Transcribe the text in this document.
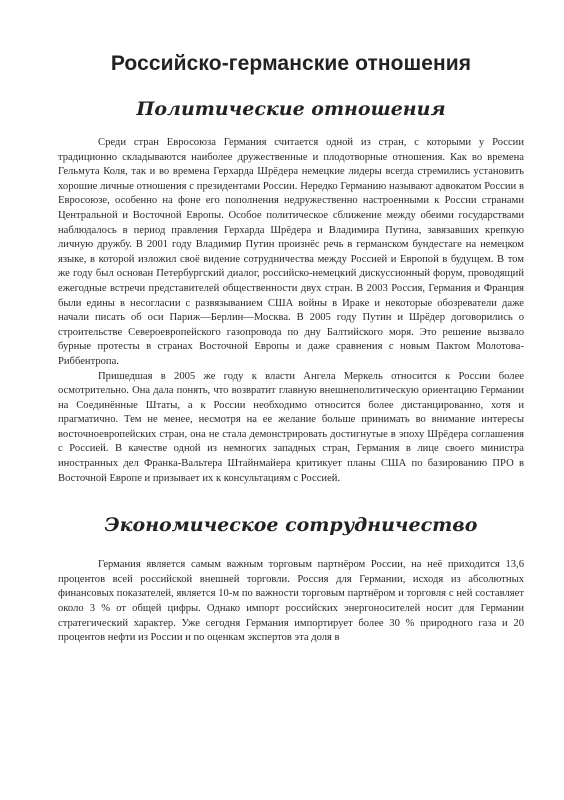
Российско-германские отношения
Политические отношения

Среди стран Евросоюза Германия считается одной из стран, с которыми у России традиционно складываются наиболее дружественные и плодотворные отношения. Как во времена Гельмута Коля, так и во времена Герхарда Шрёдера немецкие лидеры всегда стремились установить хорошие личные отношения с президентами России. Нередко Германию называют адвокатом России в Евросоюзе, особенно на фоне его пополнения недружественно настроенными к России странами Центральной и Восточной Европы. Особое политическое сближение между обеими государствами наблюдалось в период правления Герхарда Шрёдера и Владимира Путина, завязавших крепкую личную дружбу. В 2001 году Владимир Путин произнёс речь в германском бундестаге на немецком языке, в которой изложил своё видение сотрудничества между Россией и Европой в будущем. В том же году был основан Петербургский диалог, российско-немецкий дискуссионный форум, проводящий ежегодные встречи представителей общественности двух стран. В 2003 Россия, Германия и Франция были едины в несогласии с развязыванием США войны в Ираке и некоторые обозреватели даже начали писать об оси Париж—Берлин—Москва. В 2005 году Путин и Шрёдер договорились о строительстве Североевропейского газопровода по дну Балтийского моря. Это решение вызвало бурные протесты в странах Восточной Европы и даже сравнения с новым Пактом Молотова-Риббентропа.

Пришедшая в 2005 же году к власти Ангела Меркель относится к России более осмотрительно. Она дала понять, что возвратит главную внешнеполитическую ориентацию Германии на Соединённые Штаты, а к России необходимо относится более дистанцированно, хотя и прагматично. Тем не менее, несмотря на ее желание больше принимать во внимание интересы восточноевропейских стран, она не стала демонстрировать достигнутые в эпоху Шрёдера соглашения с Россией. В качестве одной из немногих западных стран, Германия в лице своего министра иностранных дел Франка-Вальтера Штайнмайера критикует планы США по базированию ПРО в Восточной Европе и призывает их к консультациям с Россией.

Экономическое сотрудничество

Германия является самым важным торговым партнёром России, на неё приходится 13,6 процентов всей российской внешней торговли. Россия для Германии, исходя из абсолютных финансовых показателей, является 10-м по важности торговым партнёром и торговля с ней составляет около 3 % от общей цифры. Однако импорт российских энергоносителей носит для Германии стратегический характер. Уже сегодня Германия импортирует более 30 % природного газа и 20 процентов нефти из России и по оценкам экспертов эта доля в
